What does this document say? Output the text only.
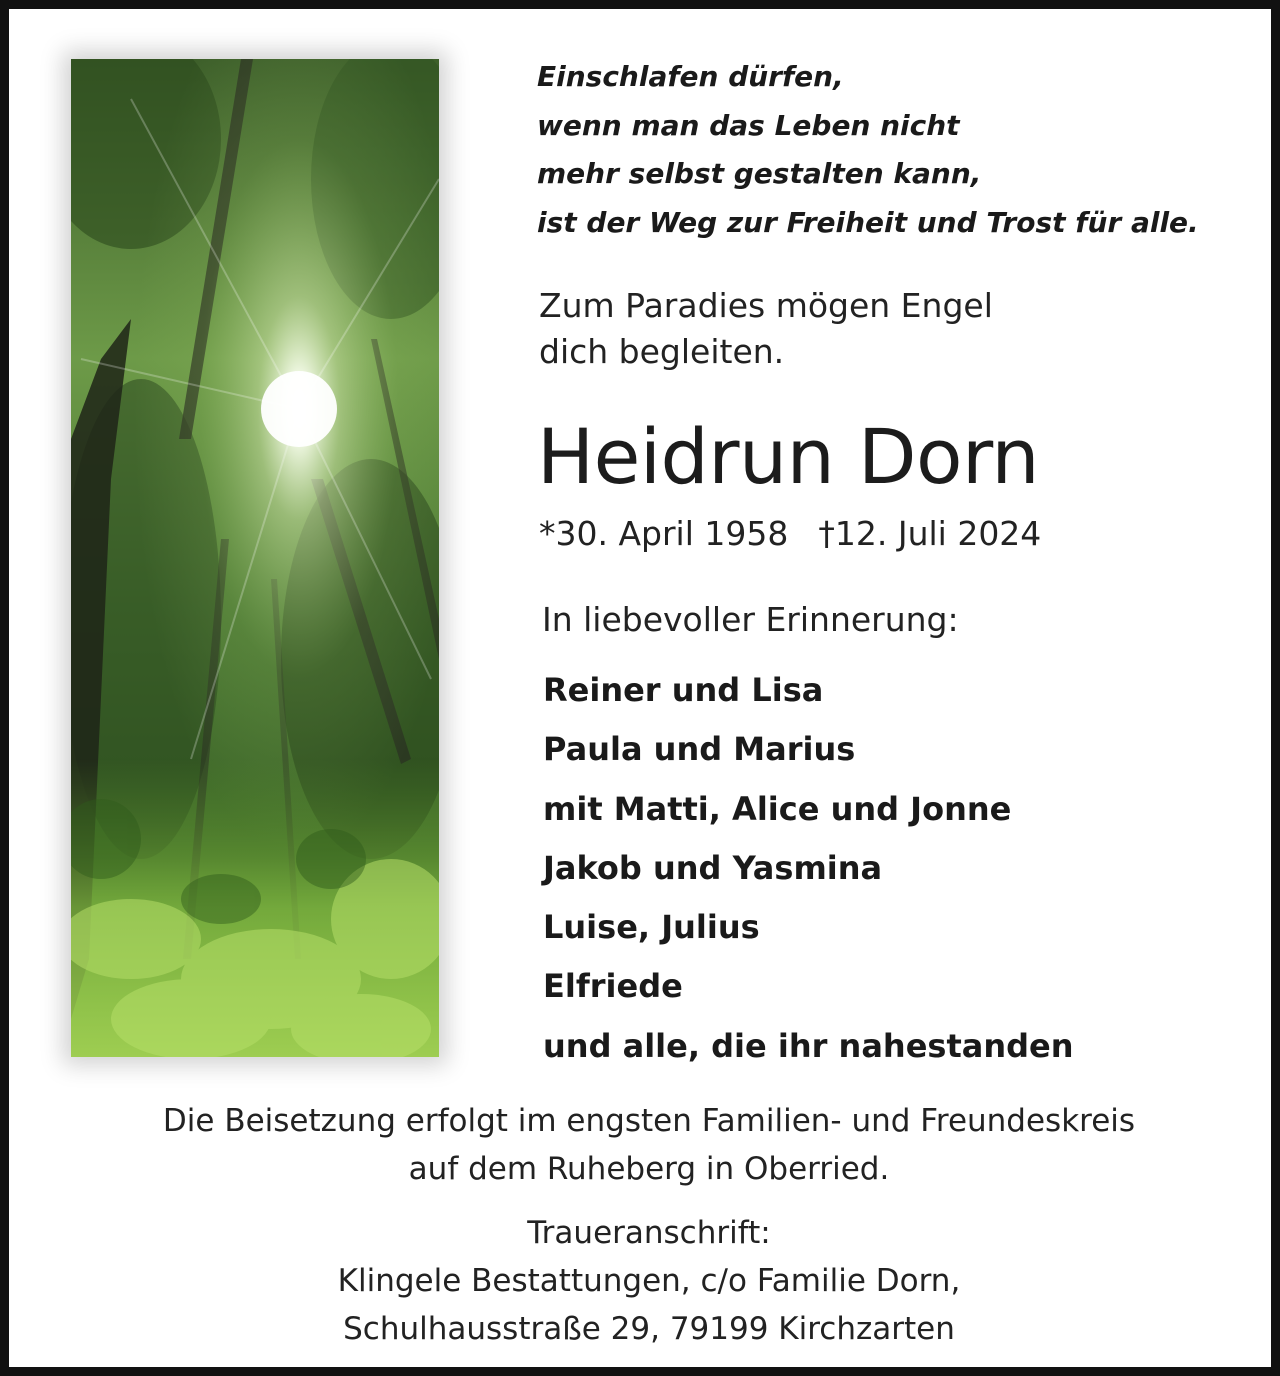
Einschlafen dürfen,
wenn man das Leben nicht
mehr selbst gestalten kann,
ist der Weg zur Freiheit und Trost für alle.
Zum Paradies mögen Engel
dich begleiten.
Heidrun Dorn
*30. April 1958 †12. Juli 2024
In liebevoller Erinnerung:
Reiner und Lisa
Paula und Marius
mit Matti, Alice und Jonne
Jakob und Yasmina
Luise, Julius
Elfriede
und alle, die ihr nahestanden
Die Beisetzung erfolgt im engsten Familien- und Freundeskreis
auf dem Ruheberg in Oberried.
Traueranschrift:
Klingele Bestattungen, c/o Familie Dorn,
Schulhausstraße 29, 79199 Kirchzarten
